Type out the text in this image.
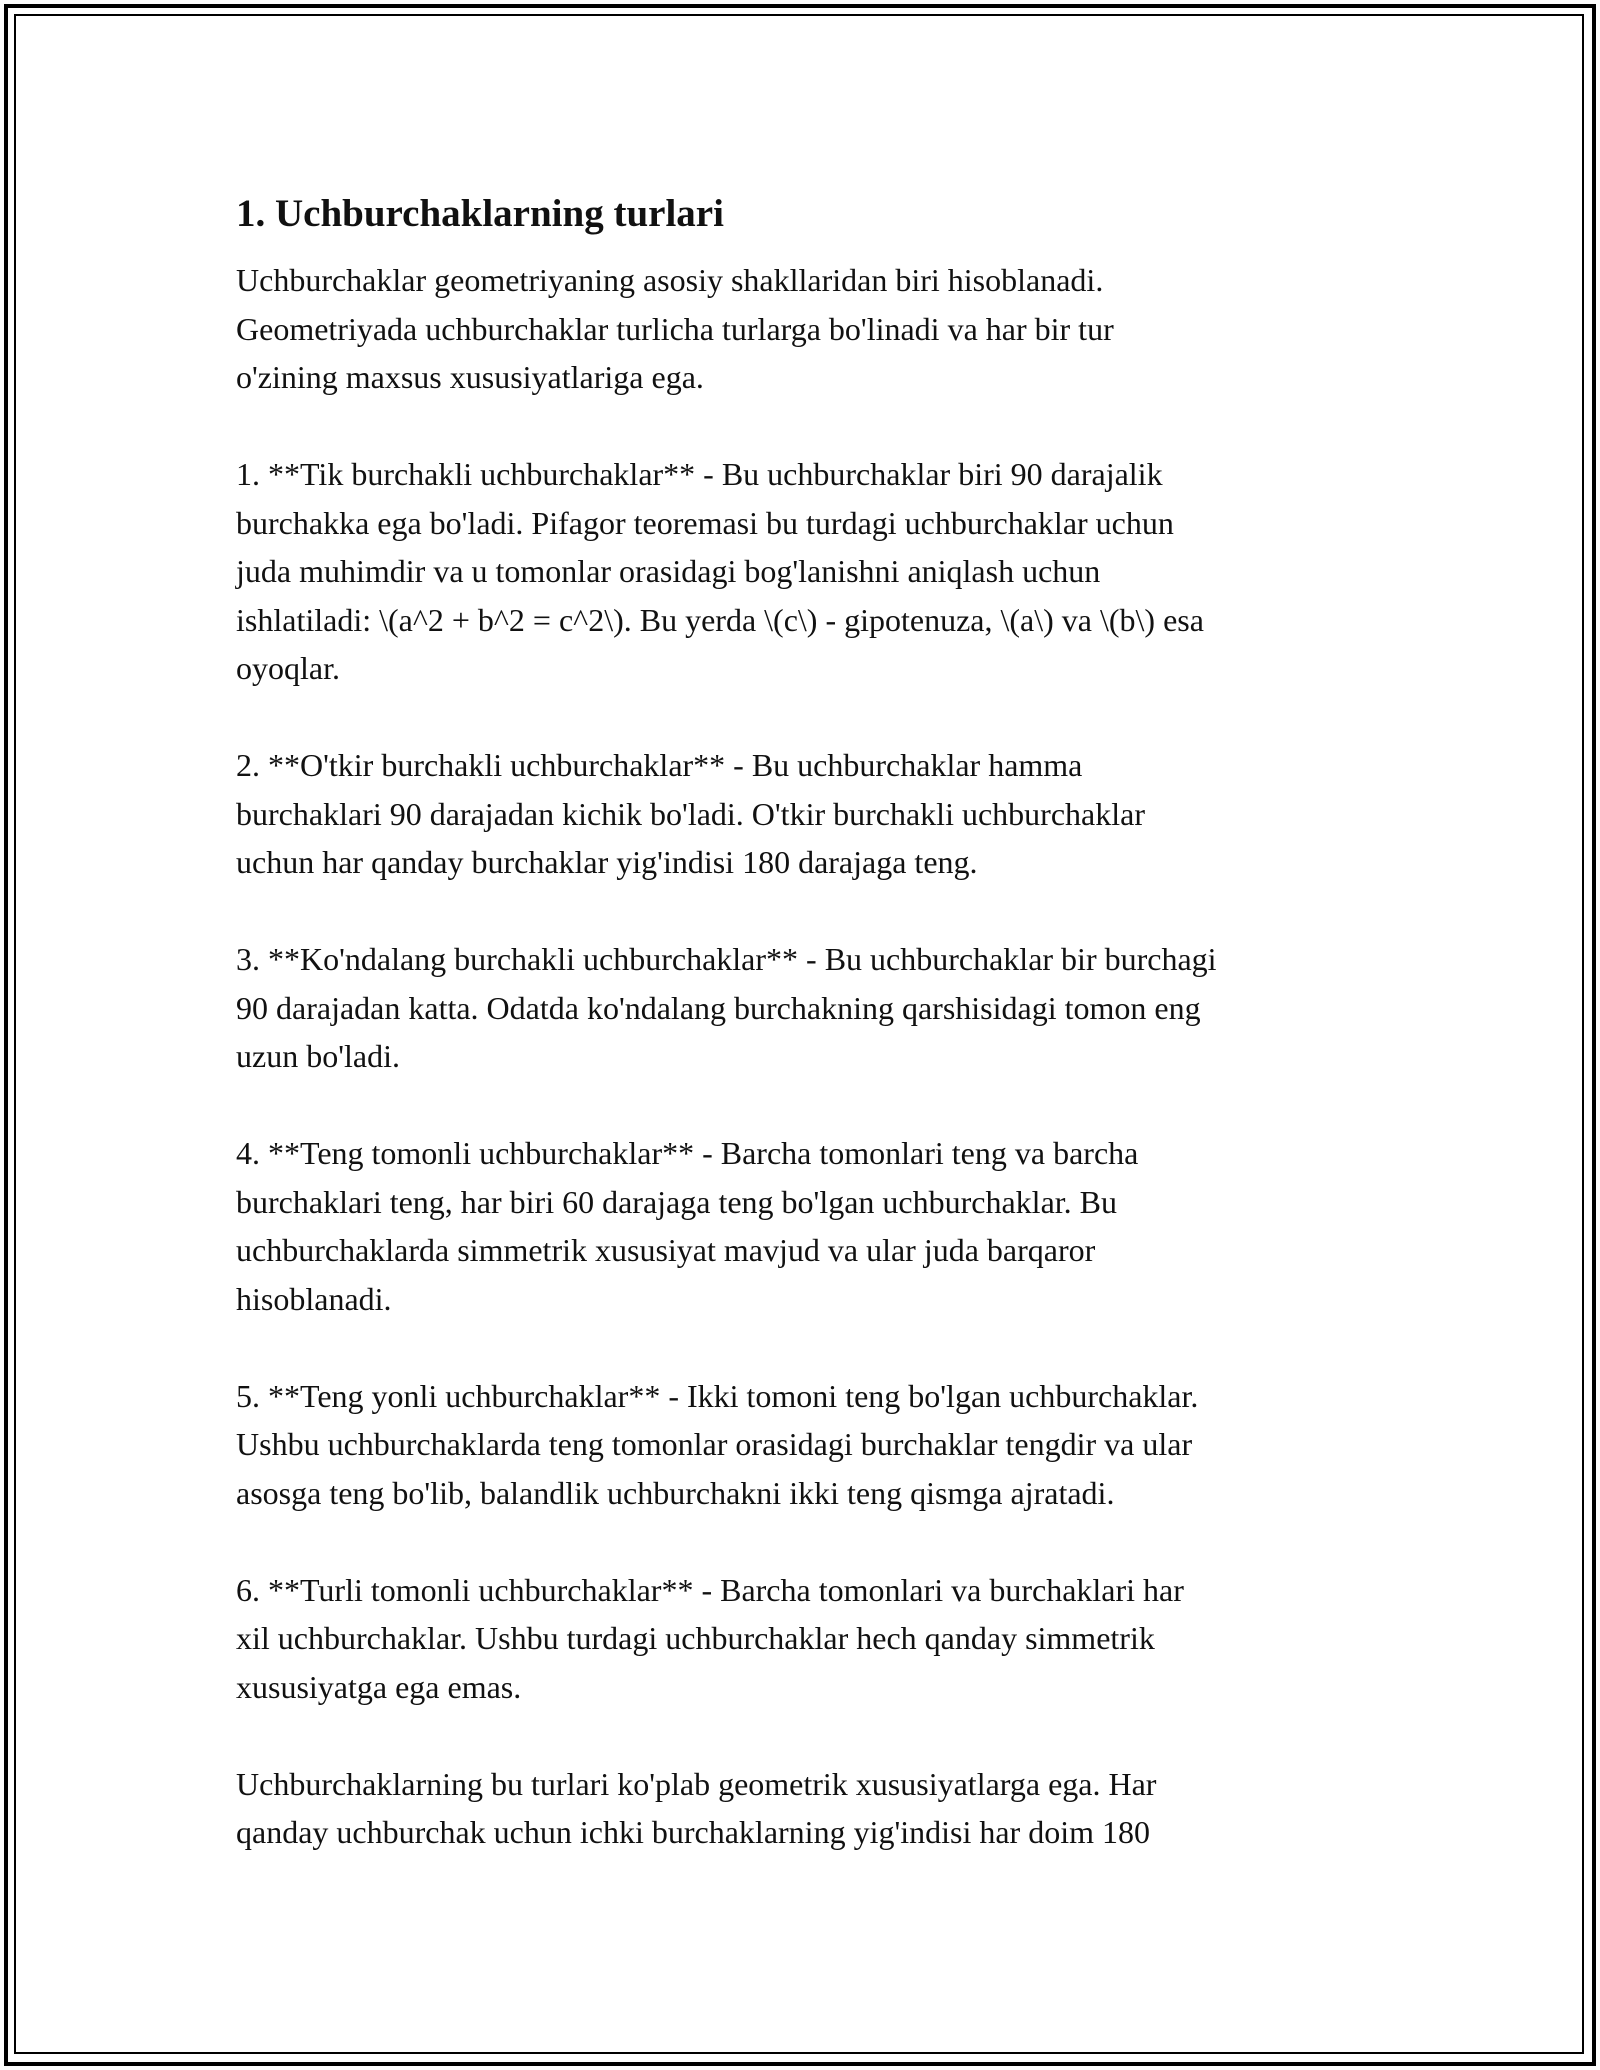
1. Uchburchaklarning turlari
Uchburchaklar geometriyaning asosiy shakllaridan biri hisoblanadi.
Geometriyada uchburchaklar turlicha turlarga bo'linadi va har bir tur
o'zining maxsus xususiyatlariga ega.
1. **Tik burchakli uchburchaklar** - Bu uchburchaklar biri 90 darajalik
burchakka ega bo'ladi. Pifagor teoremasi bu turdagi uchburchaklar uchun
juda muhimdir va u tomonlar orasidagi bog'lanishni aniqlash uchun
ishlatiladi: \(a^2 + b^2 = c^2\). Bu yerda \(c\) - gipotenuza, \(a\) va \(b\) esa
oyoqlar.
2. **O'tkir burchakli uchburchaklar** - Bu uchburchaklar hamma
burchaklari 90 darajadan kichik bo'ladi. O'tkir burchakli uchburchaklar
uchun har qanday burchaklar yig'indisi 180 darajaga teng.
3. **Ko'ndalang burchakli uchburchaklar** - Bu uchburchaklar bir burchagi
90 darajadan katta. Odatda ko'ndalang burchakning qarshisidagi tomon eng
uzun bo'ladi.
4. **Teng tomonli uchburchaklar** - Barcha tomonlari teng va barcha
burchaklari teng, har biri 60 darajaga teng bo'lgan uchburchaklar. Bu
uchburchaklarda simmetrik xususiyat mavjud va ular juda barqaror
hisoblanadi.
5. **Teng yonli uchburchaklar** - Ikki tomoni teng bo'lgan uchburchaklar.
Ushbu uchburchaklarda teng tomonlar orasidagi burchaklar tengdir va ular
asosga teng bo'lib, balandlik uchburchakni ikki teng qismga ajratadi.
6. **Turli tomonli uchburchaklar** - Barcha tomonlari va burchaklari har
xil uchburchaklar. Ushbu turdagi uchburchaklar hech qanday simmetrik
xususiyatga ega emas.
Uchburchaklarning bu turlari ko'plab geometrik xususiyatlarga ega. Har
qanday uchburchak uchun ichki burchaklarning yig'indisi har doim 180
